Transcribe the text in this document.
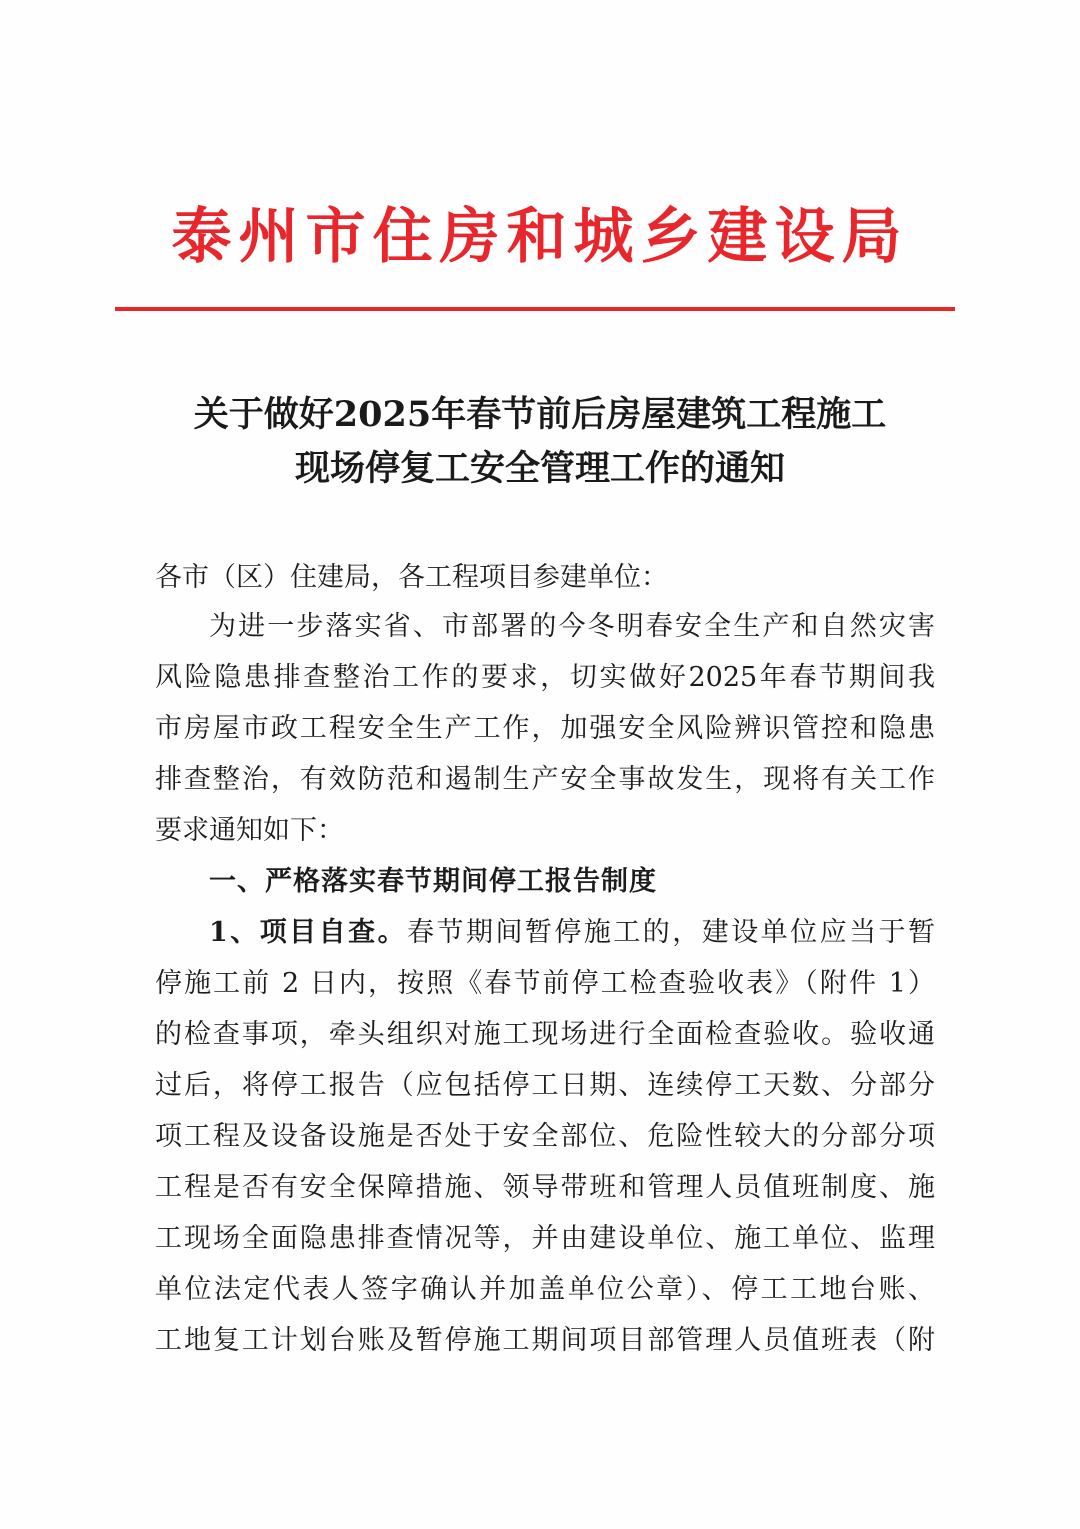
泰州市住房和城乡建设局
关于做好2025年春节前后房屋建筑工程施工
现场停复工安全管理工作的通知
各市（区）住建局，各工程项目参建单位：
为进一步落实省、市部署的今冬明春安全生产和自然灾害
风险隐患排查整治工作的要求，切实做好2025年春节期间我
市房屋市政工程安全生产工作，加强安全风险辨识管控和隐患
排查整治，有效防范和遏制生产安全事故发生，现将有关工作
要求通知如下：
一、严格落实春节期间停工报告制度
1、项目自查。春节期间暂停施工的，建设单位应当于暂
停施工前 2 日内，按照《春节前停工检查验收表》（附件 1）
的检查事项，牵头组织对施工现场进行全面检查验收。验收通
过后，将停工报告（应包括停工日期、连续停工天数、分部分
项工程及设备设施是否处于安全部位、危险性较大的分部分项
工程是否有安全保障措施、领导带班和管理人员值班制度、施
工现场全面隐患排查情况等，并由建设单位、施工单位、监理
单位法定代表人签字确认并加盖单位公章）、停工工地台账、
工地复工计划台账及暂停施工期间项目部管理人员值班表（附
